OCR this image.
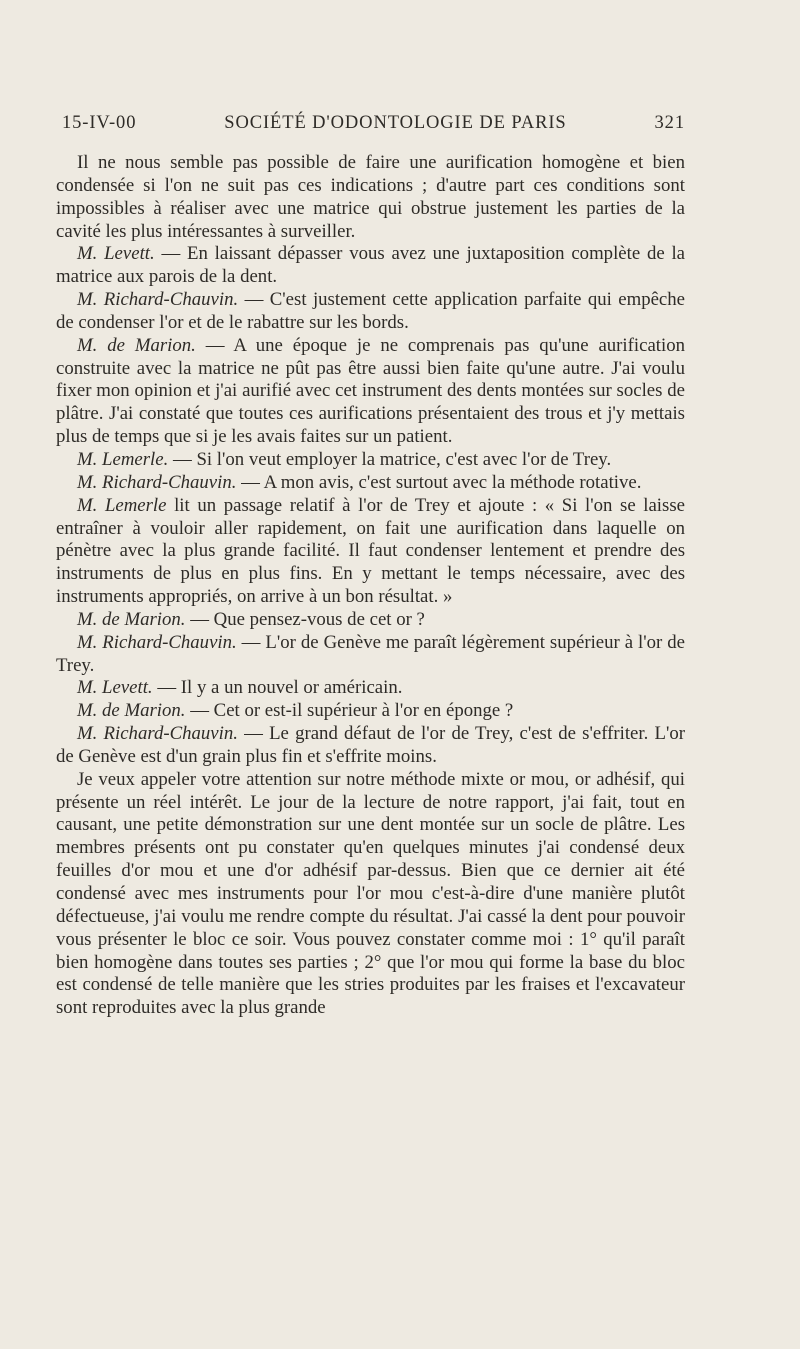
15-IV-00	SOCIÉTÉ D'ODONTOLOGIE DE PARIS	321

Il ne nous semble pas possible de faire une aurification homogène et bien condensée si l'on ne suit pas ces indications ; d'autre part ces conditions sont impossibles à réaliser avec une matrice qui obstrue justement les parties de la cavité les plus intéressantes à surveiller.

M. Levett. — En laissant dépasser vous avez une juxtaposition complète de la matrice aux parois de la dent.

M. Richard-Chauvin. — C'est justement cette application parfaite qui empêche de condenser l'or et de le rabattre sur les bords.

M. de Marion. — A une époque je ne comprenais pas qu'une aurification construite avec la matrice ne pût pas être aussi bien faite qu'une autre. J'ai voulu fixer mon opinion et j'ai aurifié avec cet instrument des dents montées sur socles de plâtre. J'ai constaté que toutes ces aurifications présentaient des trous et j'y mettais plus de temps que si je les avais faites sur un patient.

M. Lemerle. — Si l'on veut employer la matrice, c'est avec l'or de Trey.

M. Richard-Chauvin. — A mon avis, c'est surtout avec la méthode rotative.

M. Lemerle lit un passage relatif à l'or de Trey et ajoute : « Si l'on se laisse entraîner à vouloir aller rapidement, on fait une aurification dans laquelle on pénètre avec la plus grande facilité. Il faut condenser lentement et prendre des instruments de plus en plus fins. En y mettant le temps nécessaire, avec des instruments appropriés, on arrive à un bon résultat. »

M. de Marion. — Que pensez-vous de cet or ?

M. Richard-Chauvin. — L'or de Genève me paraît légèrement supérieur à l'or de Trey.

M. Levett. — Il y a un nouvel or américain.

M. de Marion. — Cet or est-il supérieur à l'or en éponge ?

M. Richard-Chauvin. — Le grand défaut de l'or de Trey, c'est de s'effriter. L'or de Genève est d'un grain plus fin et s'effrite moins.

Je veux appeler votre attention sur notre méthode mixte or mou, or adhésif, qui présente un réel intérêt. Le jour de la lecture de notre rapport, j'ai fait, tout en causant, une petite démonstration sur une dent montée sur un socle de plâtre. Les membres présents ont pu constater qu'en quelques minutes j'ai condensé deux feuilles d'or mou et une d'or adhésif par-dessus. Bien que ce dernier ait été condensé avec mes instruments pour l'or mou c'est-à-dire d'une manière plutôt défectueuse, j'ai voulu me rendre compte du résultat. J'ai cassé la dent pour pouvoir vous présenter le bloc ce soir. Vous pouvez constater comme moi : 1° qu'il paraît bien homogène dans toutes ses parties ; 2° que l'or mou qui forme la base du bloc est condensé de telle manière que les stries produites par les fraises et l'excavateur sont reproduites avec la plus grande
